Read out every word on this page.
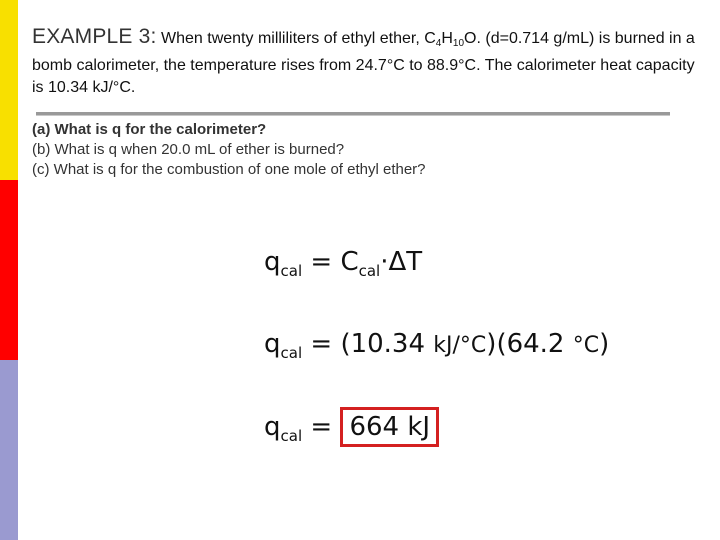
EXAMPLE 3: When twenty milliliters of ethyl ether, $C_4H_{10}O$. (d=0.714 g/mL) is burned in a bomb calorimeter, the temperature rises from 24.7°C to 88.9°C. The calorimeter heat capacity is 10.34 kJ/°C.

(a) What is q for the calorimeter?

(b) What is q when 20.0 mL of ether is burned?

(c) What is q for the combustion of one mole of ethyl ether?

$q_{cal} = C_{cal}\cdot\Delta T$
$q_{cal} = (10.34$ kJ/°C)(64.2 °C)
$q_{cal} = 664$ kJ
